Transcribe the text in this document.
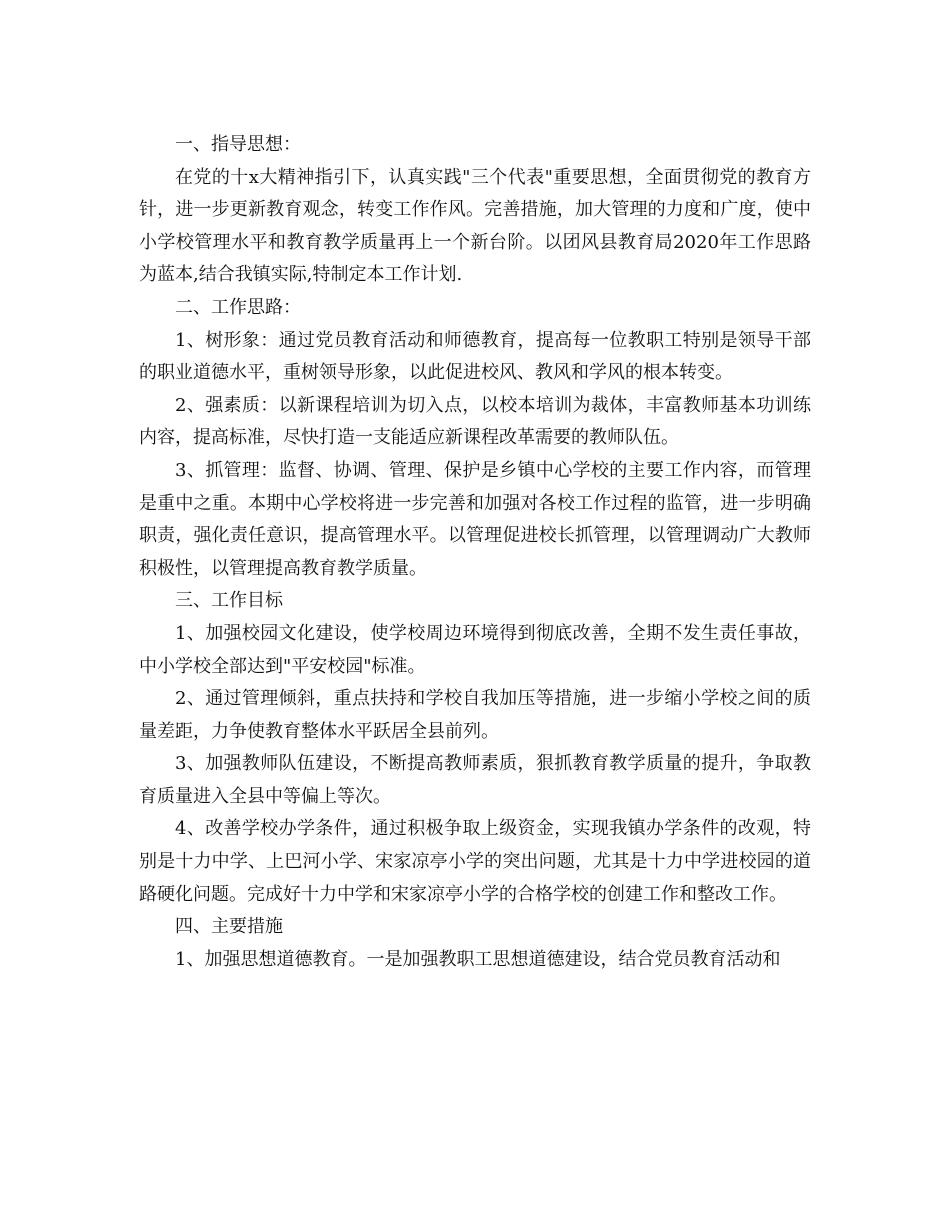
一、指导思想：

在党的十x大精神指引下，认真实践"三个代表"重要思想，全面贯彻党的教育方针，进一步更新教育观念，转变工作作风。完善措施，加大管理的力度和广度，使中小学校管理水平和教育教学质量再上一个新台阶。以团风县教育局2020年工作思路为蓝本,结合我镇实际,特制定本工作计划.

二、工作思路：

1、树形象：通过党员教育活动和师德教育，提高每一位教职工特别是领导干部的职业道德水平，重树领导形象，以此促进校风、教风和学风的根本转变。

2、强素质：以新课程培训为切入点，以校本培训为裁体，丰富教师基本功训练内容，提高标准，尽快打造一支能适应新课程改革需要的教师队伍。

3、抓管理：监督、协调、管理、保护是乡镇中心学校的主要工作内容，而管理是重中之重。本期中心学校将进一步完善和加强对各校工作过程的监管，进一步明确职责，强化责任意识，提高管理水平。以管理促进校长抓管理，以管理调动广大教师积极性，以管理提高教育教学质量。

三、工作目标

1、加强校园文化建设，使学校周边环境得到彻底改善，全期不发生责任事故，中小学校全部达到"平安校园"标准。

2、通过管理倾斜，重点扶持和学校自我加压等措施，进一步缩小学校之间的质量差距，力争使教育整体水平跃居全县前列。

3、加强教师队伍建设，不断提高教师素质，狠抓教育教学质量的提升，争取教育质量进入全县中等偏上等次。

4、改善学校办学条件，通过积极争取上级资金，实现我镇办学条件的改观，特别是十力中学、上巴河小学、宋家凉亭小学的突出问题，尤其是十力中学进校园的道路硬化问题。完成好十力中学和宋家凉亭小学的合格学校的创建工作和整改工作。

四、主要措施

1、加强思想道德教育。一是加强教职工思想道德建设，结合党员教育活动和
